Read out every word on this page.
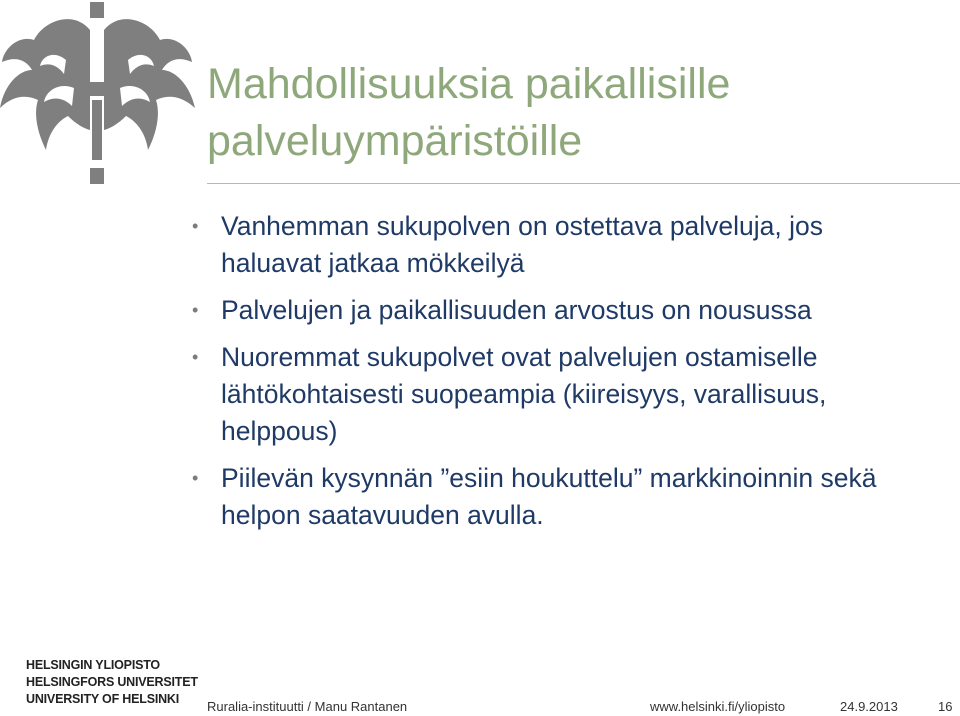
Mahdollisuuksia paikallisille
palveluympäristöille
• Vanhemman sukupolven on ostettava palveluja, jos haluavat jatkaa mökkeilyä
• Palvelujen ja paikallisuuden arvostus on nousussa
• Nuoremmat sukupolvet ovat palvelujen ostamiselle lähtökohtaisesti suopeampia (kiireisyys, varallisuus, helppous)
• Piilevän kysynnän ”esiin houkuttelu” markkinoinnin sekä helpon saatavuuden avulla.
HELSINGIN YLIOPISTO
HELSINGFORS UNIVERSITET
UNIVERSITY OF HELSINKI	Ruralia-instituutti / Manu Rantanen	www.helsinki.fi/yliopisto	24.9.2013	16
